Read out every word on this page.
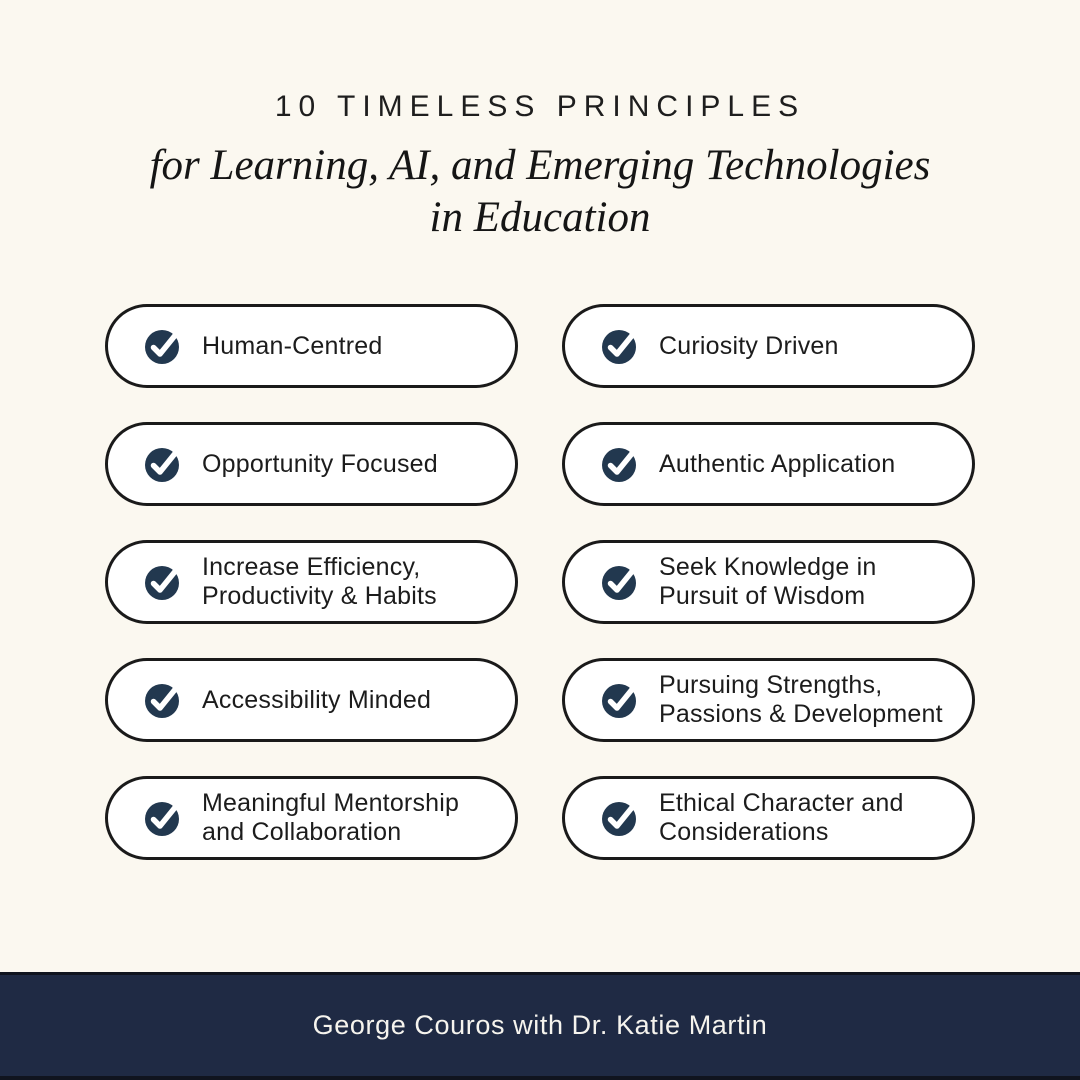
10 TIMELESS PRINCIPLES
for Learning, AI, and Emerging Technologies
in Education
Human-Centred	Curiosity Driven
Opportunity Focused	Authentic Application
Increase Efficiency,
Productivity & Habits
Seek Knowledge in
Pursuit of Wisdom
Accessibility Minded
Pursuing Strengths,
Passions & Development
Meaningful Mentorship
and Collaboration
Ethical Character and
Considerations
George Couros with Dr. Katie Martin
